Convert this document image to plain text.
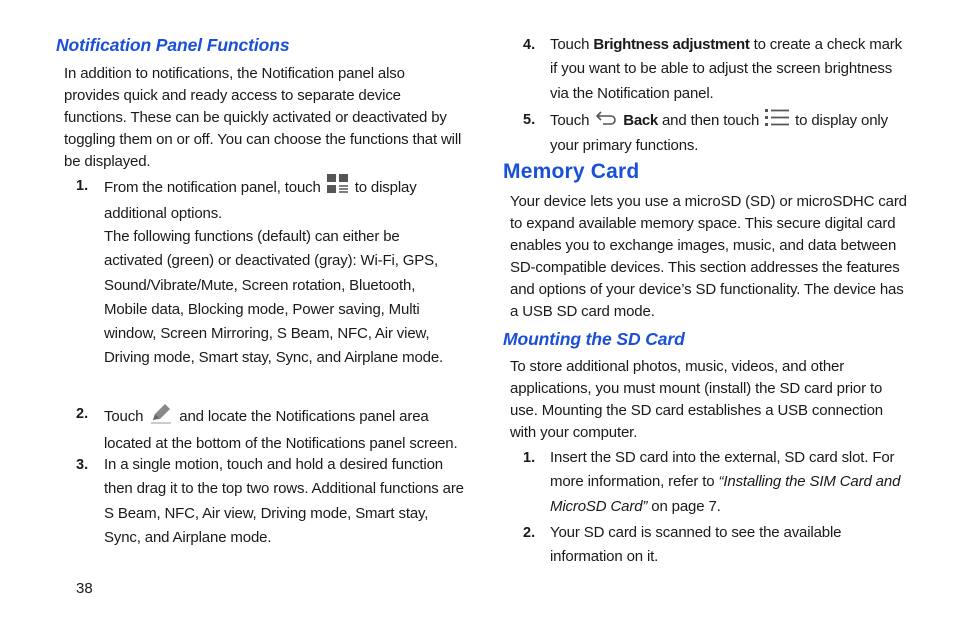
Notification Panel Functions

In addition to notifications, the Notification panel also provides quick and ready access to separate device functions. These can be quickly activated or deactivated by toggling them on or off. You can choose the functions that will be displayed.

1. From the notification panel, touch to display additional options.

The following functions (default) can either be activated (green) or deactivated (gray): Wi-Fi, GPS, Sound/Vibrate/Mute, Screen rotation, Bluetooth, Mobile data, Blocking mode, Power saving, Multi window, Screen Mirroring, S Beam, NFC, Air view, Driving mode, Smart stay, Sync, and Airplane mode.

2. Touch and locate the Notifications panel area located at the bottom of the Notifications panel screen.

3. In a single motion, touch and hold a desired function then drag it to the top two rows. Additional functions are S Beam, NFC, Air view, Driving mode, Smart stay, Sync, and Airplane mode.

38
4. Touch Brightness adjustment to create a check mark if you want to be able to adjust the screen brightness via the Notification panel.

5. Touch Back and then touch to display only your primary functions.

Memory Card

Your device lets you use a microSD (SD) or microSDHC card to expand available memory space. This secure digital card enables you to exchange images, music, and data between SD-compatible devices. This section addresses the features and options of your device’s SD functionality. The device has a USB SD card mode.

Mounting the SD Card

To store additional photos, music, videos, and other applications, you must mount (install) the SD card prior to use. Mounting the SD card establishes a USB connection with your computer.

1. Insert the SD card into the external, SD card slot. For more information, refer to “Installing the SIM Card and MicroSD Card” on page 7.

2. Your SD card is scanned to see the available information on it.
